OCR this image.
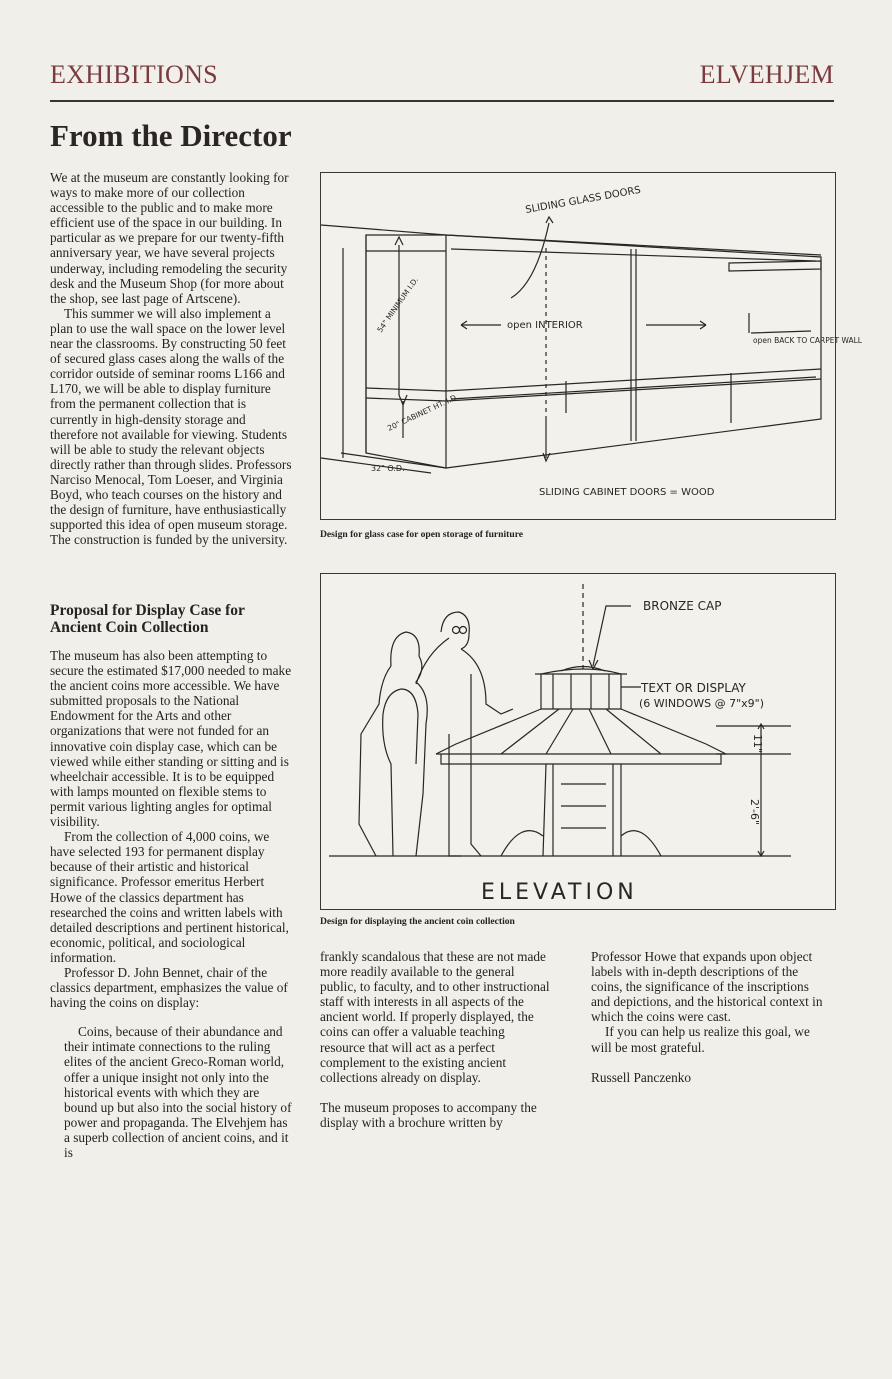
EXHIBITIONS	ELVEHJEM
From the Director

We at the museum are constantly looking for ways to make more of our collection accessible to the public and to make more efficient use of the space in our building. In particular as we prepare for our twenty-fifth anniversary year, we have several projects underway, including remodeling the security desk and the Museum Shop (for more about the shop, see last page of Artscene).

This summer we will also implement a plan to use the wall space on the lower level near the classrooms. By constructing 50 feet of secured glass cases along the walls of the corridor outside of seminar rooms L166 and L170, we will be able to display furniture from the permanent collection that is currently in high-density storage and therefore not available for viewing. Students will be able to study the relevant objects directly rather than through slides. Professors Narciso Menocal, Tom Loeser, and Virginia Boyd, who teach courses on the history and the design of furniture, have enthusiastically supported this idea of open museum storage. The construction is funded by the university.

Proposal for Display Case for Ancient Coin Collection

The museum has also been attempting to secure the estimated $17,000 needed to make the ancient coins more accessible. We have submitted proposals to the National Endowment for the Arts and other organizations that were not funded for an innovative coin display case, which can be viewed while either standing or sitting and is wheelchair accessible. It is to be equipped with lamps mounted on flexible stems to permit various lighting angles for optimal visibility.

From the collection of 4,000 coins, we have selected 193 for permanent display because of their artistic and historical significance. Professor emeritus Herbert Howe of the classics department has researched the coins and written labels with detailed descriptions and pertinent historical, economic, political, and sociological information.

Professor D. John Bennet, chair of the classics department, emphasizes the value of having the coins on display:

Coins, because of their abundance and their intimate connections to the ruling elites of the ancient Greco-Roman world, offer a unique insight not only into the historical events with which they are bound up but also into the social history of power and propaganda. The Elvehjem has a superb collection of ancient coins, and it is

SLIDING GLASS DOORS
open INTERIOR
open BACK TO CARPET WALL
54" MINIMUM I.D.
20" CABINET HT. I.D.
32" O.D.
SLIDING CABINET DOORS = WOOD
Design for glass case for open storage of furniture
BRONZE CAP
TEXT OR DISPLAY
(6 WINDOWS @ 7"x9")
11"
2'-6"
ELEVATION
Design for displaying the ancient coin collection

frankly scandalous that these are not made more readily available to the general public, to faculty, and to other instructional staff with interests in all aspects of the ancient world. If properly displayed, the coins can offer a valuable teaching resource that will act as a perfect complement to the existing ancient collections already on display.

The museum proposes to accompany the display with a brochure written by

Professor Howe that expands upon object labels with in-depth descriptions of the coins, the significance of the inscriptions and depictions, and the historical context in which the coins were cast.

If you can help us realize this goal, we will be most grateful.

Russell Panczenko
